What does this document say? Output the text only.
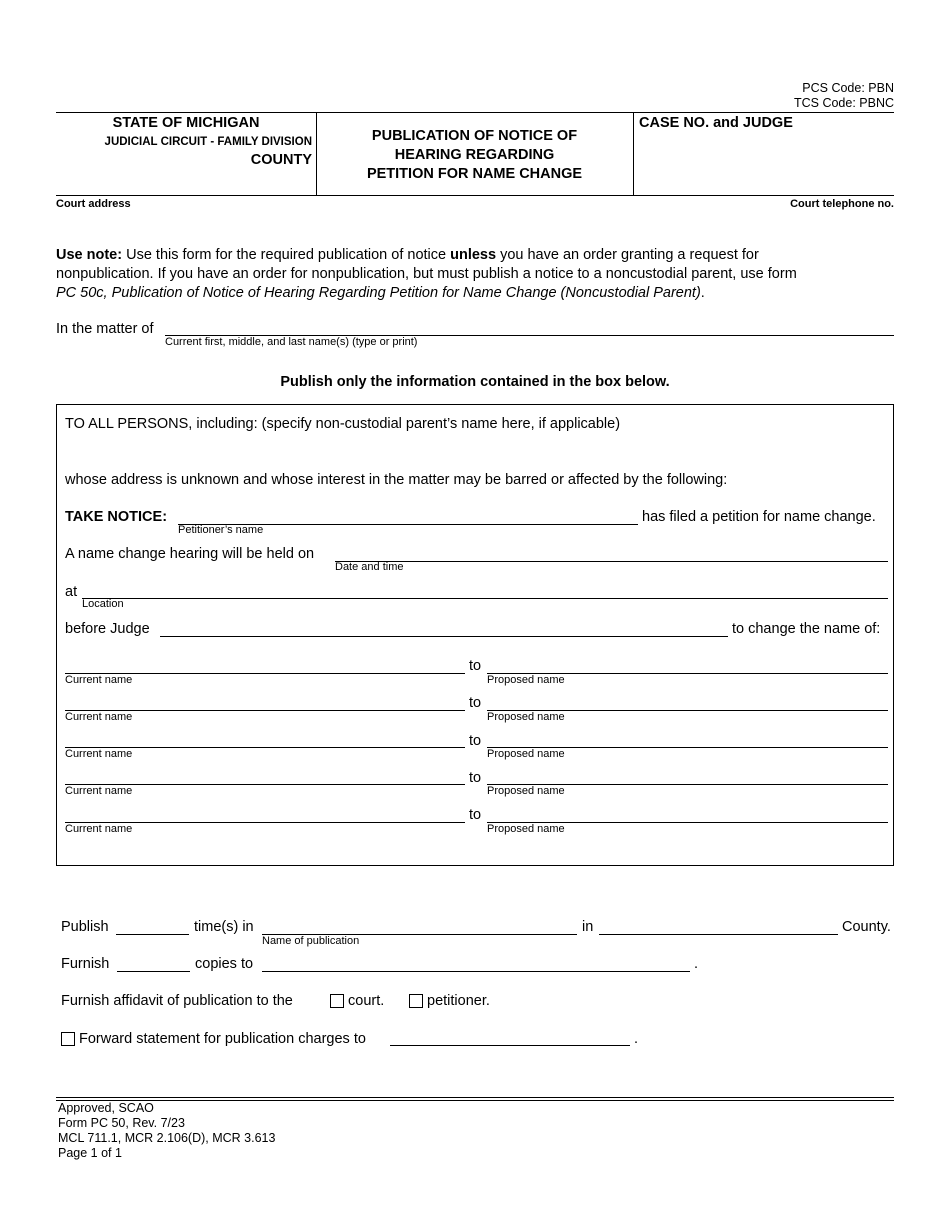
PCS Code: PBN
TCS Code: PBNC
STATE OF MICHIGAN
JUDICIAL CIRCUIT - FAMILY DIVISION
COUNTY
PUBLICATION OF NOTICE OF
HEARING REGARDING
PETITION FOR NAME CHANGE
CASE NO. and JUDGE
Court address	Court telephone no.
Use note: Use this form for the required publication of notice unless you have an order granting a request for
nonpublication. If you have an order for nonpublication, but must publish a notice to a noncustodial parent, use form
PC 50c, Publication of Notice of Hearing Regarding Petition for Name Change (Noncustodial Parent).
In the matter of
Current first, middle, and last name(s) (type or print)
Publish only the information contained in the box below.
TO ALL PERSONS, including: (specify non-custodial parent’s name here, if applicable)
whose address is unknown and whose interest in the matter may be barred or affected by the following:
TAKE NOTICE:
Petitioner’s name
has filed a petition for name change.
A name change hearing will be held on
Date and time
at
Location
before Judge	to change the name of:
to
Current name	Proposed name
to
Current name	Proposed name
to
Current name	Proposed name
to
Current name	Proposed name
to
Current name	Proposed name
Publish	time(s) in
Name of publication
in	County.
Furnish	copies to	.
Furnish affidavit of publication to the	court.	petitioner.
Forward statement for publication charges to	.
Approved, SCAO
Form PC 50, Rev. 7/23
MCL 711.1, MCR 2.106(D), MCR 3.613
Page 1 of 1
